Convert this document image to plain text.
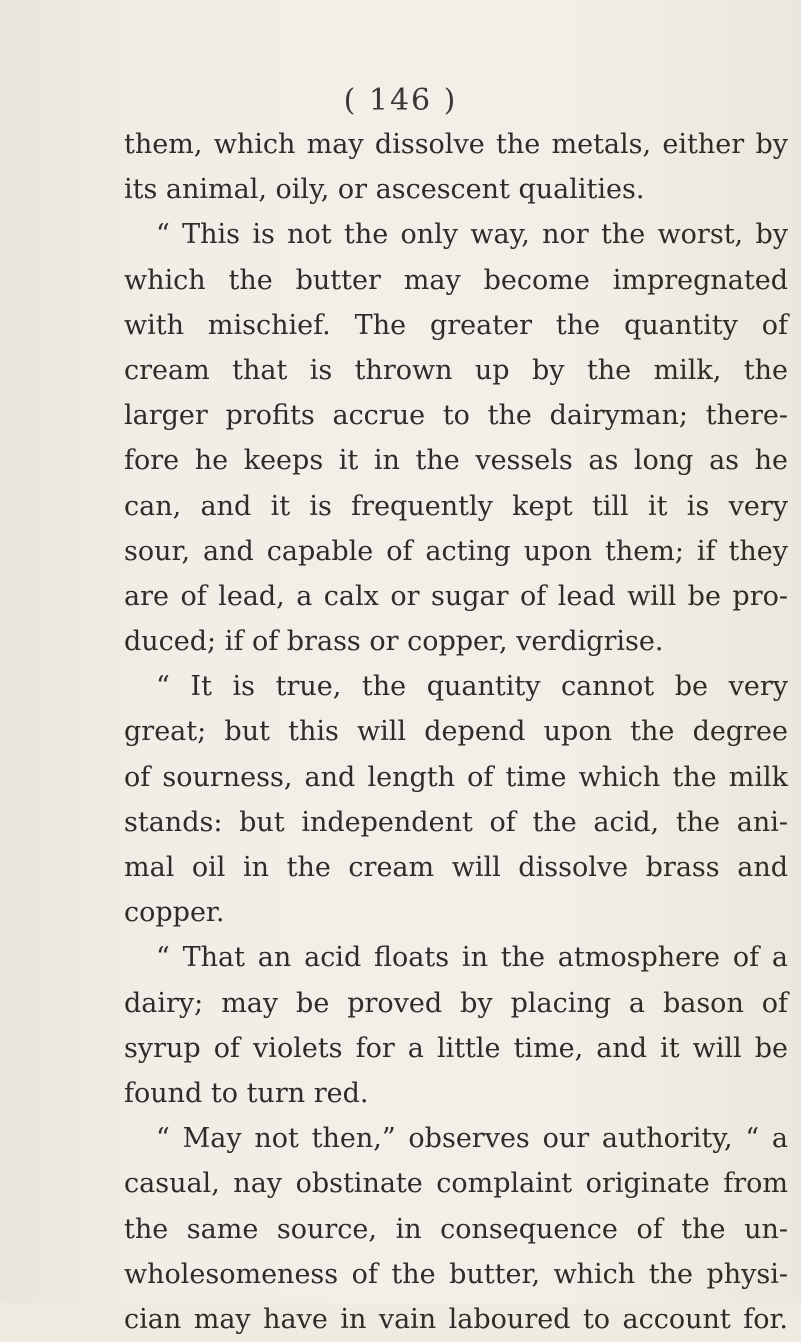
( 146 )
them, which may dissolve the metals, either by
its animal, oily, or ascescent qualities.
“ This is not the only way, nor the worst, by
which the butter may become impregnated
with mischief. The greater the quantity of
cream that is thrown up by the milk, the
larger profits accrue to the dairyman; there-
fore he keeps it in the vessels as long as he
can, and it is frequently kept till it is very
sour, and capable of acting upon them; if they
are of lead, a calx or sugar of lead will be pro-
duced; if of brass or copper, verdigrise.
“ It is true, the quantity cannot be very
great; but this will depend upon the degree
of sourness, and length of time which the milk
stands: but independent of the acid, the ani-
mal oil in the cream will dissolve brass and
copper.
“ That an acid floats in the atmosphere of a
dairy; may be proved by placing a bason of
syrup of violets for a little time, and it will be
found to turn red.
“ May not then,” observes our authority, “ a
casual, nay obstinate complaint originate from
the same source, in consequence of the un-
wholesomeness of the butter, which the physi-
cian may have in vain laboured to account for.
